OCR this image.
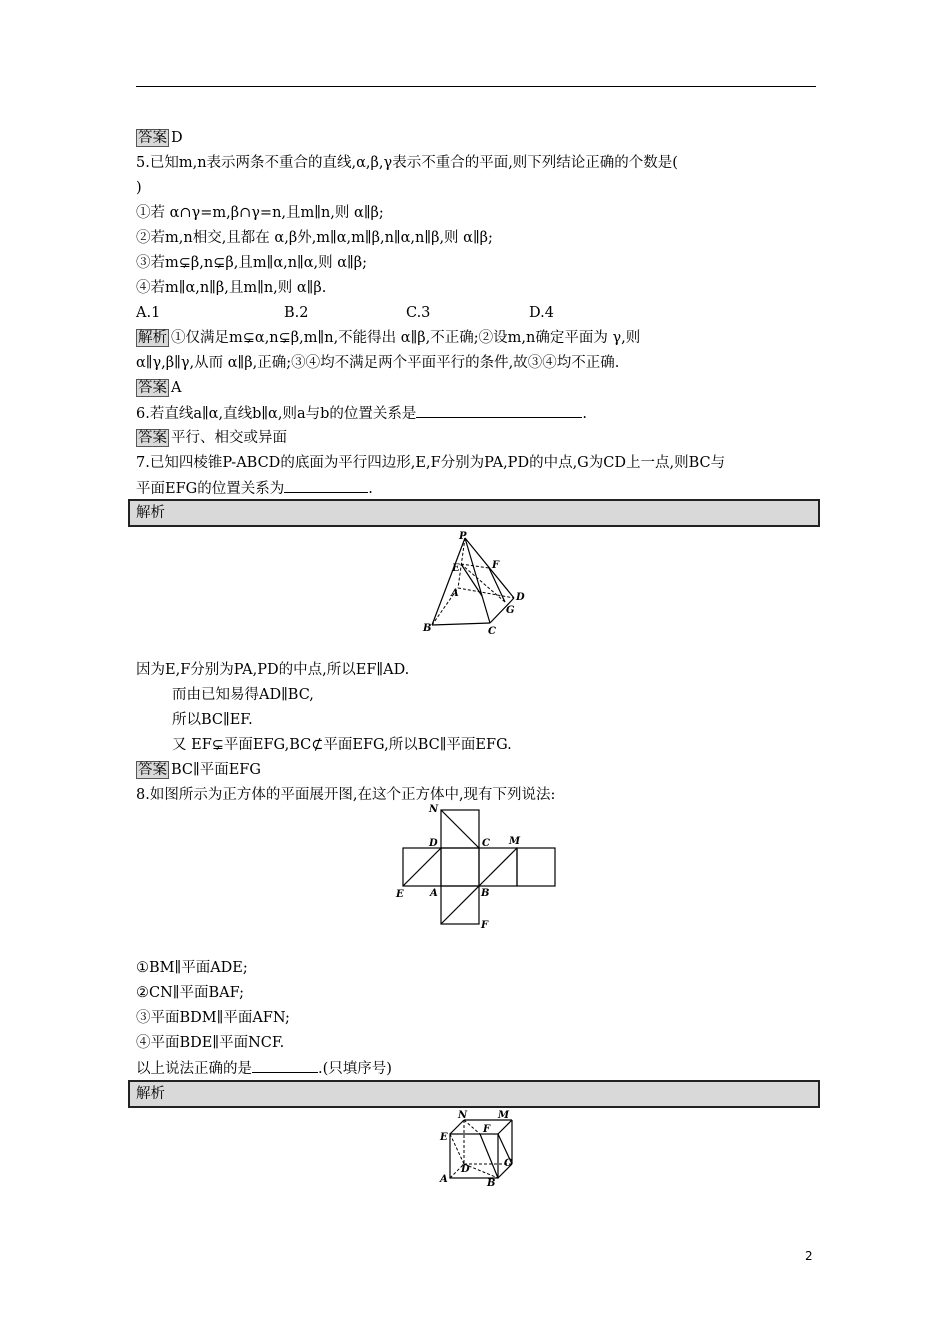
答案 D
5.已知m,n表示两条不重合的直线,α,β,γ表示不重合的平面,则下列结论正确的个数是(
)
①若 α∩γ=m,β∩γ=n,且m∥n,则 α∥β;
②若m,n相交,且都在 α,β外,m∥α,m∥β,n∥α,n∥β,则 α∥β;
③若m⊊β,n⊊β,且m∥α,n∥α,则 α∥β;
④若m∥α,n∥β,且m∥n,则 α∥β.
A.1	B.2	C.3	D.4
解析 ①仅满足m⊊α,n⊊β,m∥n,不能得出 α∥β,不正确;②设m,n确定平面为 γ,则
α∥γ,β∥γ,从而 α∥β,正确;③④均不满足两个平面平行的条件,故③④均不正确.
答案 A
6.若直线a∥α,直线b∥α,则a与b的位置关系是	.
答案 平行、相交或异面
7.已知四棱锥P-ABCD的底面为平行四边形,E,F分别为PA,PD的中点,G为CD上一点,则BC与
平面EFG的位置关系为	.
解析
P
F
E
A	D
G
B	C
因为E,F分别为PA,PD的中点,所以EF∥AD.
而由已知易得AD∥BC,
所以BC∥EF.
又 EF⊊平面EFG,BC⊄平面EFG,所以BC∥平面EFG.
答案 BC∥平面EFG
8.如图所示为正方体的平面展开图,在这个正方体中,现有下列说法:
N
D	C M
E	A	B
F
①BM∥平面ADE;
②CN∥平面BAF;
③平面BDM∥平面AFN;
④平面BDE∥平面NCF.
以上说法正确的是	.(只填序号)
解析
N	M
E
F
D
C
A	B
2
